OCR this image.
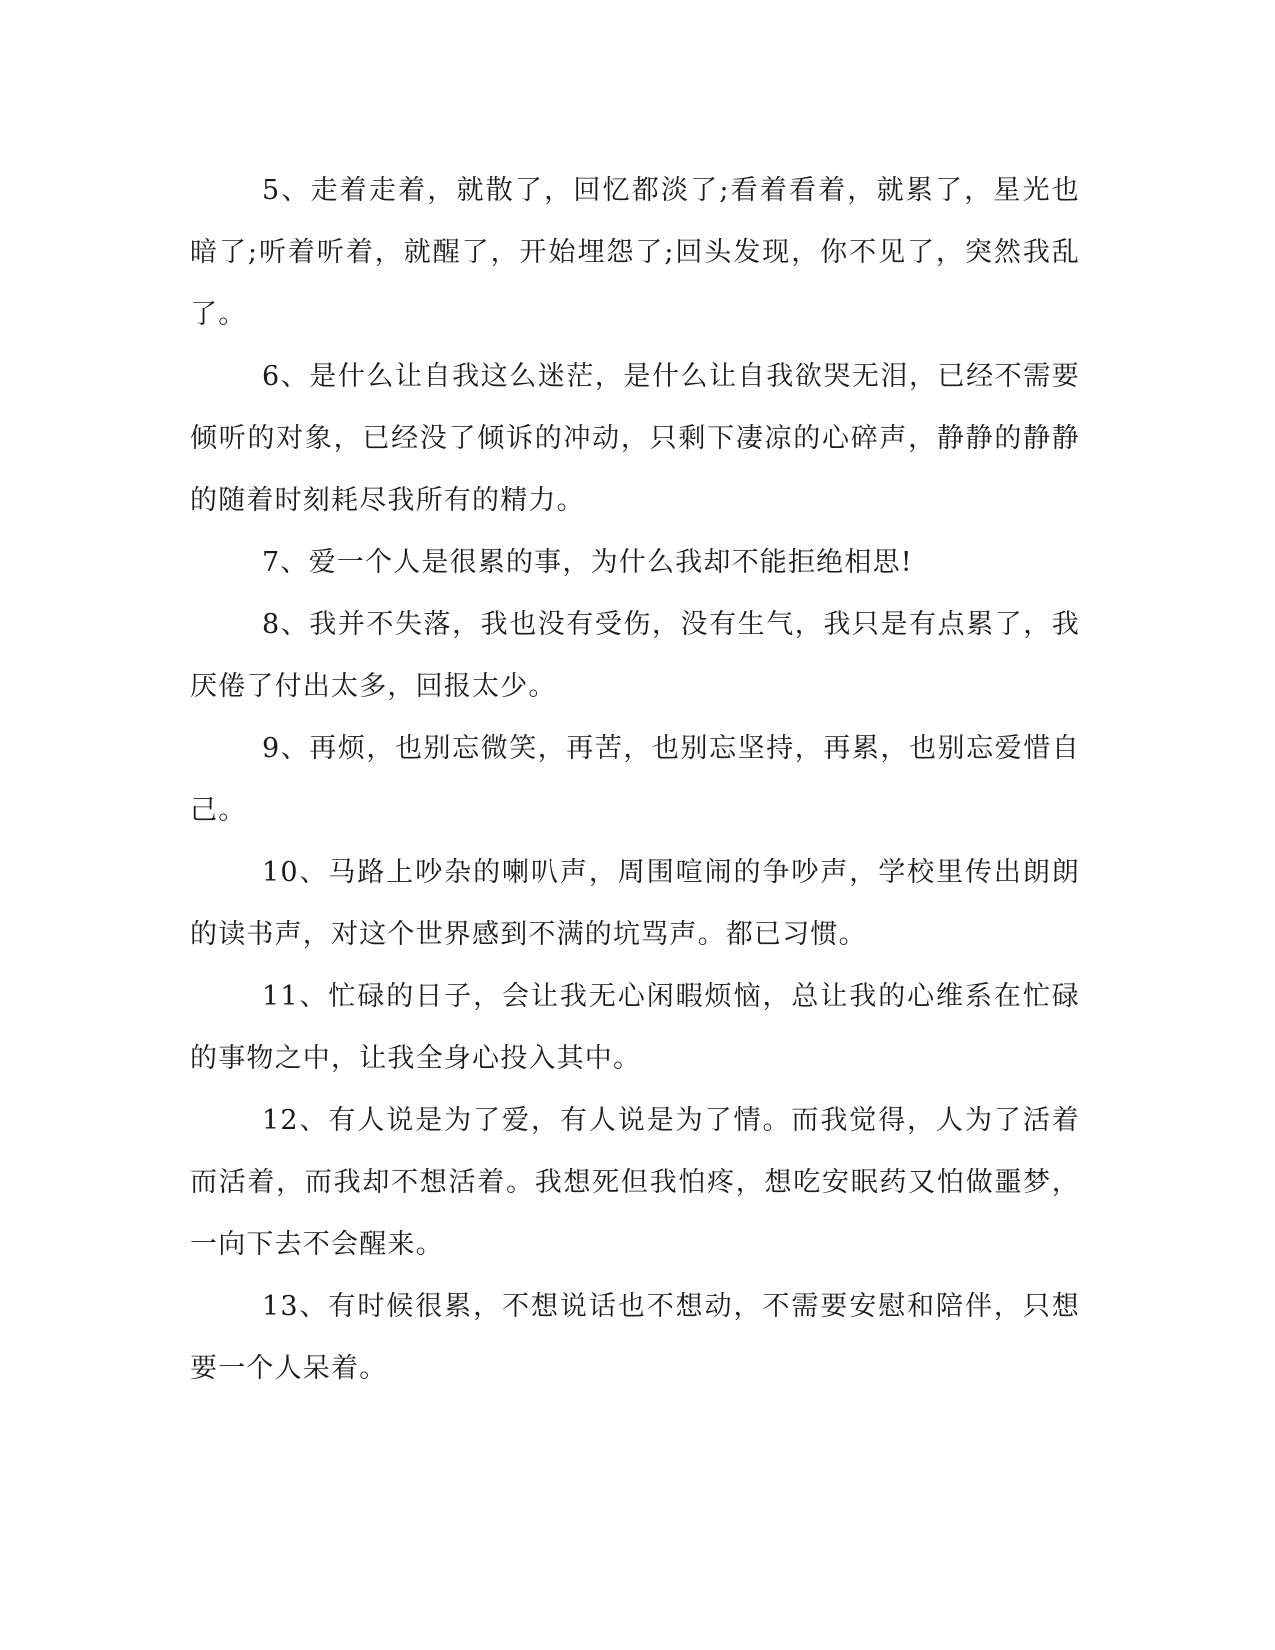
5、走着走着，就散了，回忆都淡了;看着看着，就累了，星光也暗了;听着听着，就醒了，开始埋怨了;回头发现，你不见了，突然我乱了。

6、是什么让自我这么迷茫，是什么让自我欲哭无泪，已经不需要倾听的对象，已经没了倾诉的冲动，只剩下凄凉的心碎声，静静的静静的随着时刻耗尽我所有的精力。

7、爱一个人是很累的事，为什么我却不能拒绝相思!

8、我并不失落，我也没有受伤，没有生气，我只是有点累了，我厌倦了付出太多，回报太少。

9、再烦，也别忘微笑，再苦，也别忘坚持，再累，也别忘爱惜自己。

10、马路上吵杂的喇叭声，周围喧闹的争吵声，学校里传出朗朗的读书声，对这个世界感到不满的坑骂声。都已习惯。

11、忙碌的日子，会让我无心闲暇烦恼，总让我的心维系在忙碌的事物之中，让我全身心投入其中。

12、有人说是为了爱，有人说是为了情。而我觉得，人为了活着而活着，而我却不想活着。我想死但我怕疼，想吃安眠药又怕做噩梦，一向下去不会醒来。

13、有时候很累，不想说话也不想动，不需要安慰和陪伴，只想要一个人呆着。
